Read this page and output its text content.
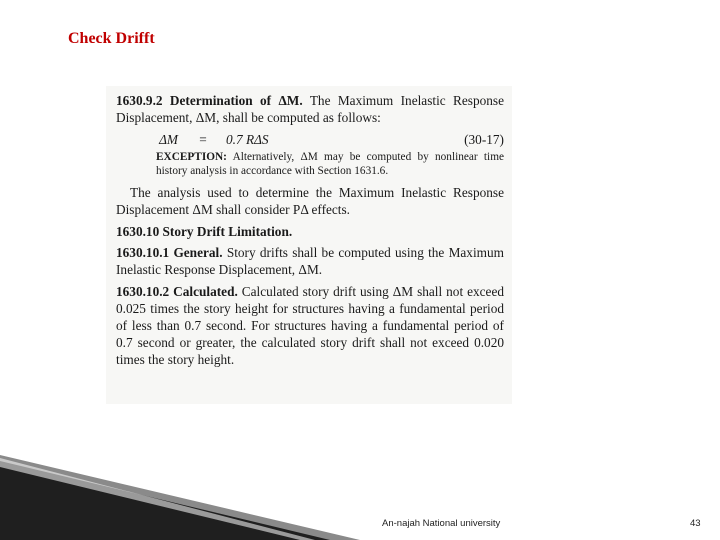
Check Drifft

1630.9.2 Determination of ΔM. The Maximum Inelastic Response Displacement, ΔM, shall be computed as follows:

ΔM	=	0.7 RΔS	(30-17)

EXCEPTION: Alternatively, ΔM may be computed by nonlinear time history analysis in accordance with Section 1631.6.

The analysis used to determine the Maximum Inelastic Response Displacement ΔM shall consider PΔ effects.

1630.10 Story Drift Limitation.

1630.10.1 General. Story drifts shall be computed using the Maximum Inelastic Response Displacement, ΔM.

1630.10.2 Calculated. Calculated story drift using ΔM shall not exceed 0.025 times the story height for structures having a fundamental period of less than 0.7 second. For structures having a fundamental period of 0.7 second or greater, the calculated story drift shall not exceed 0.020 times the story height.

An-najah National university	43
